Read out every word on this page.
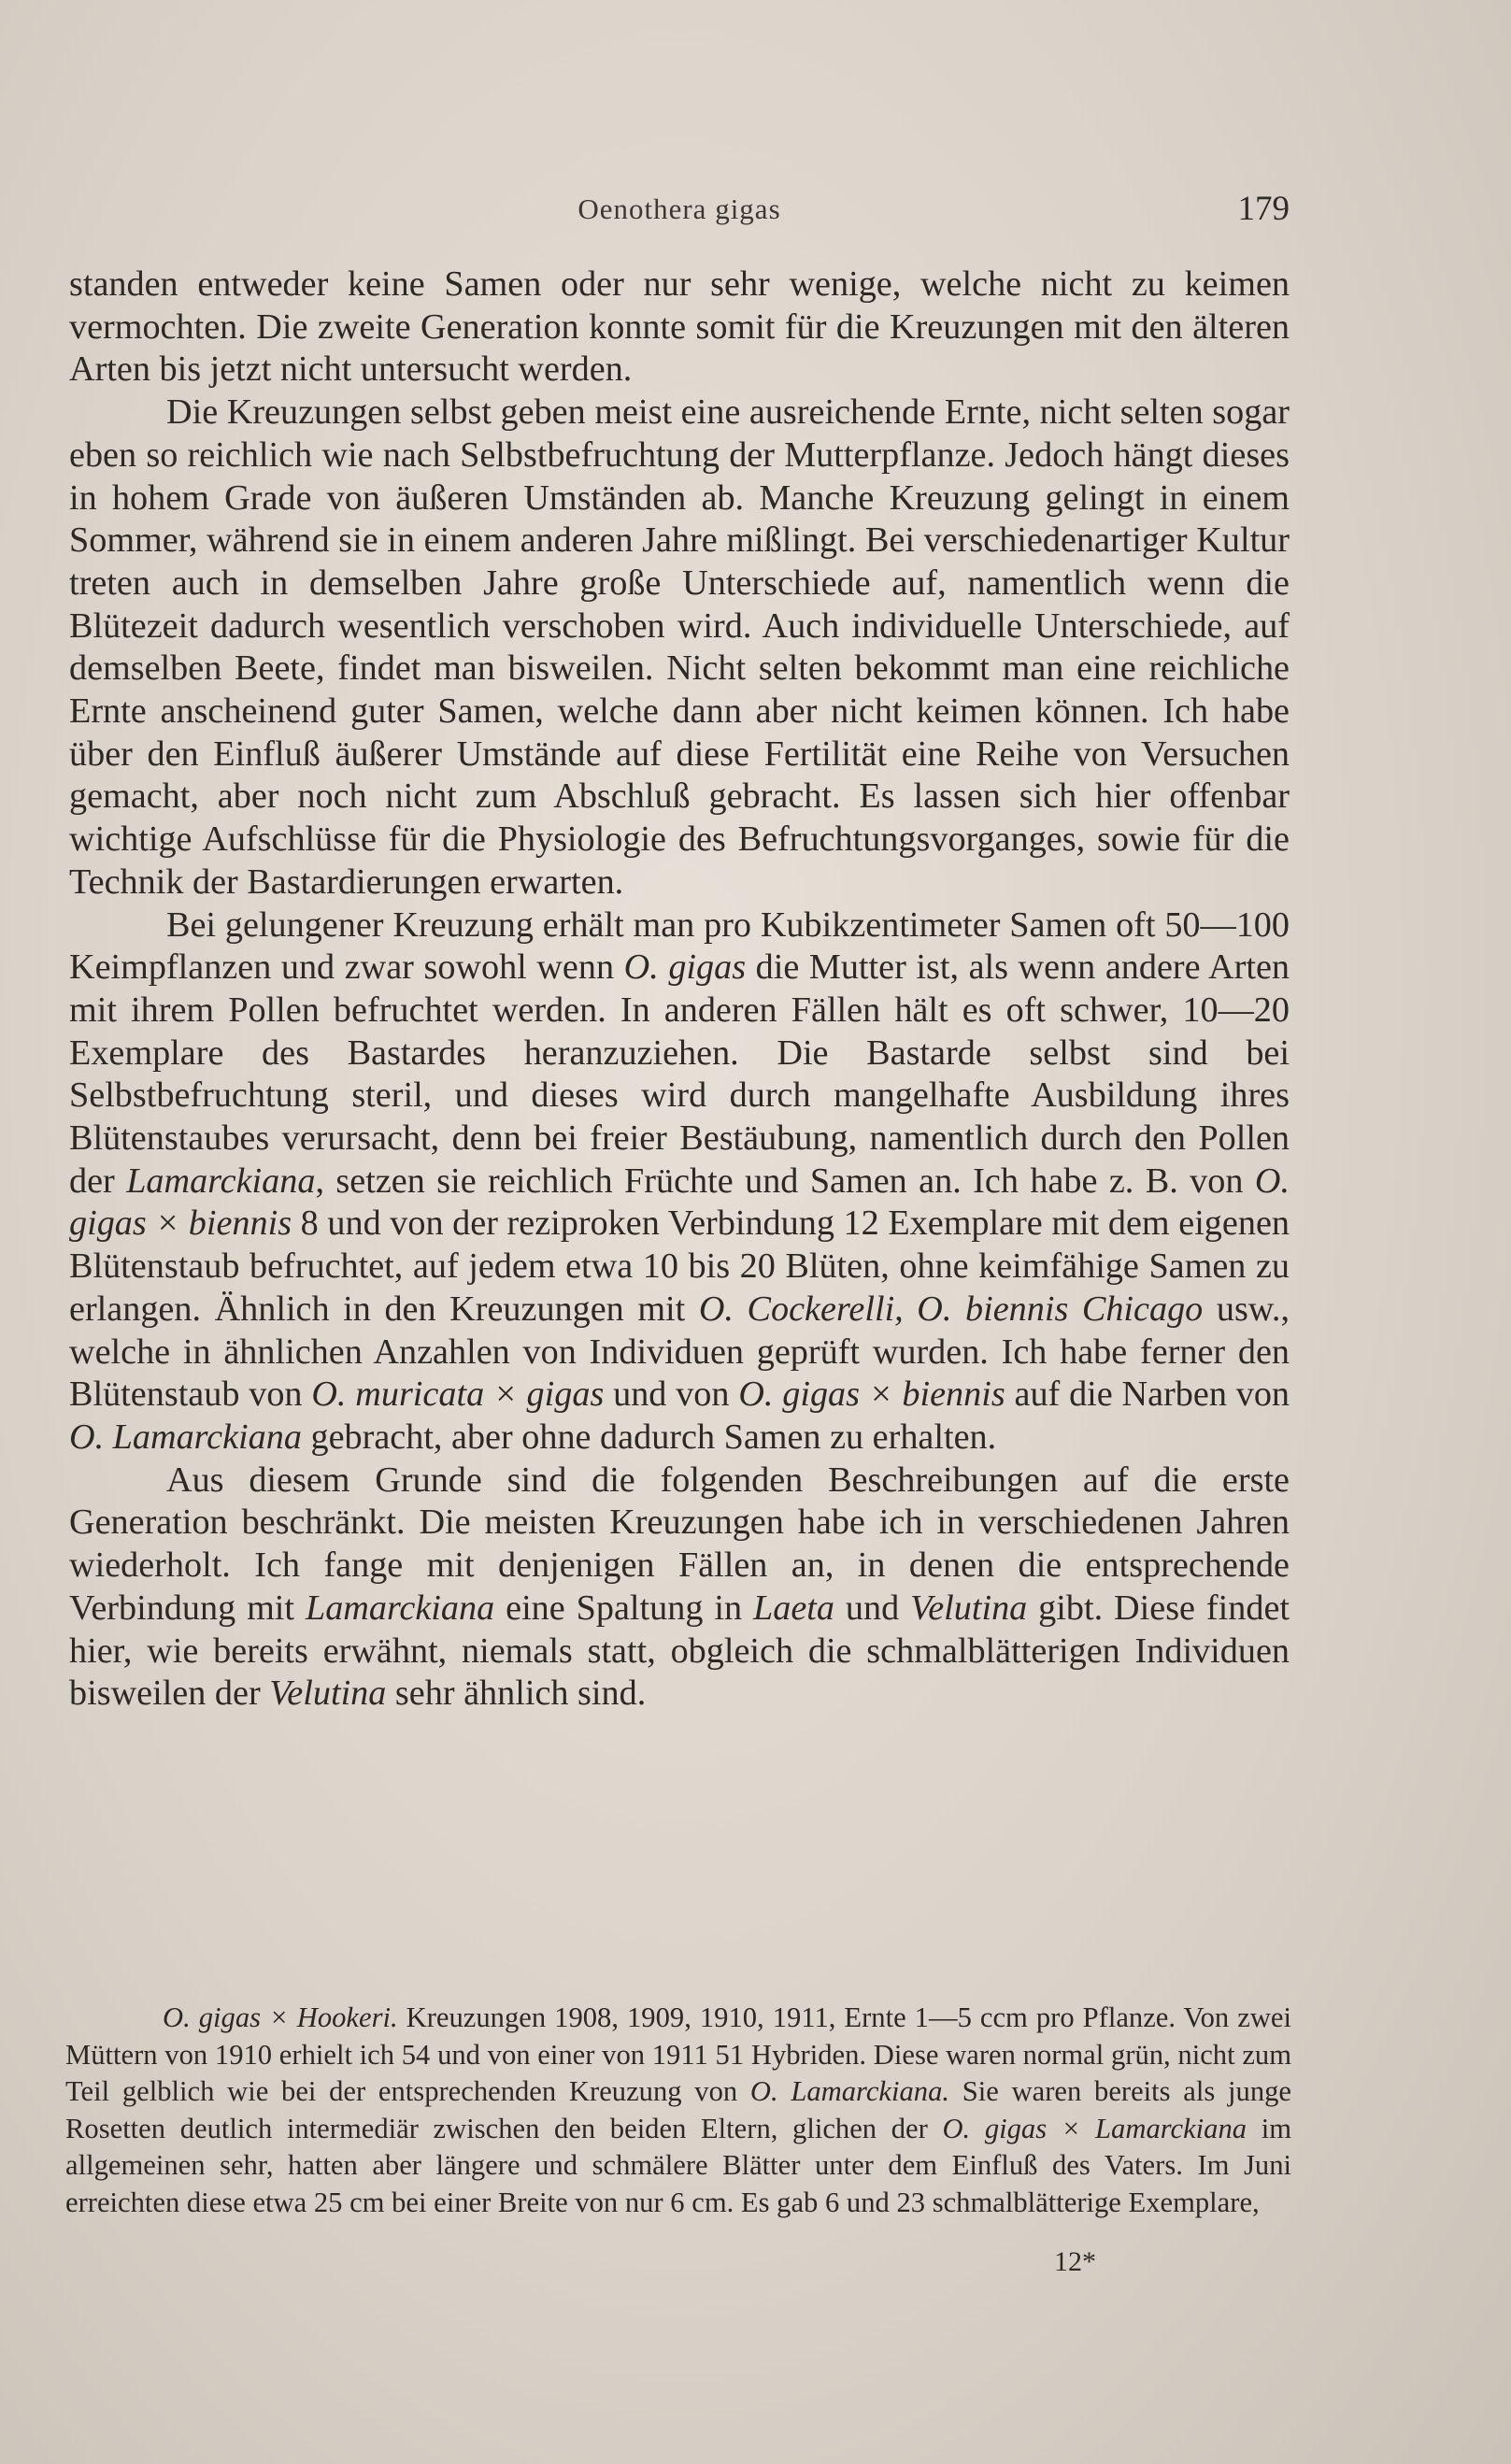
Oenothera gigas	179

standen entweder keine Samen oder nur sehr wenige, welche nicht zu keimen vermochten. Die zweite Generation konnte somit für die Kreuzungen mit den älteren Arten bis jetzt nicht untersucht werden.

Die Kreuzungen selbst geben meist eine ausreichende Ernte, nicht selten sogar eben so reichlich wie nach Selbstbefruchtung der Mutterpflanze. Jedoch hängt dieses in hohem Grade von äußeren Umständen ab. Manche Kreuzung gelingt in einem Sommer, während sie in einem anderen Jahre mißlingt. Bei verschiedenartiger Kultur treten auch in demselben Jahre große Unterschiede auf, namentlich wenn die Blütezeit dadurch wesentlich verschoben wird. Auch individuelle Unterschiede, auf demselben Beete, findet man bisweilen. Nicht selten bekommt man eine reichliche Ernte anscheinend guter Samen, welche dann aber nicht keimen können. Ich habe über den Einfluß äußerer Umstände auf diese Fertilität eine Reihe von Versuchen gemacht, aber noch nicht zum Abschluß gebracht. Es lassen sich hier offenbar wichtige Aufschlüsse für die Physiologie des Befruchtungsvorganges, sowie für die Technik der Bastardierungen erwarten.

Bei gelungener Kreuzung erhält man pro Kubikzentimeter Samen oft 50—100 Keimpflanzen und zwar sowohl wenn O. gigas die Mutter ist, als wenn andere Arten mit ihrem Pollen befruchtet werden. In anderen Fällen hält es oft schwer, 10—20 Exemplare des Bastardes heranzuziehen. Die Bastarde selbst sind bei Selbstbefruchtung steril, und dieses wird durch mangelhafte Ausbildung ihres Blütenstaubes verursacht, denn bei freier Bestäubung, namentlich durch den Pollen der Lamarckiana, setzen sie reichlich Früchte und Samen an. Ich habe z. B. von O. gigas × biennis 8 und von der reziproken Verbindung 12 Exemplare mit dem eigenen Blütenstaub befruchtet, auf jedem etwa 10 bis 20 Blüten, ohne keimfähige Samen zu erlangen. Ähnlich in den Kreuzungen mit O. Cockerelli, O. biennis Chicago usw., welche in ähnlichen Anzahlen von Individuen geprüft wurden. Ich habe ferner den Blütenstaub von O. muricata × gigas und von O. gigas × biennis auf die Narben von O. Lamarckiana gebracht, aber ohne dadurch Samen zu erhalten.

Aus diesem Grunde sind die folgenden Beschreibungen auf die erste Generation beschränkt. Die meisten Kreuzungen habe ich in verschiedenen Jahren wiederholt. Ich fange mit denjenigen Fällen an, in denen die entsprechende Verbindung mit Lamarckiana eine Spaltung in Laeta und Velutina gibt. Diese findet hier, wie bereits erwähnt, niemals statt, obgleich die schmalblätterigen Individuen bisweilen der Velutina sehr ähnlich sind.

O. gigas × Hookeri. Kreuzungen 1908, 1909, 1910, 1911, Ernte 1—5 ccm pro Pflanze. Von zwei Müttern von 1910 erhielt ich 54 und von einer von 1911 51 Hybriden. Diese waren normal grün, nicht zum Teil gelblich wie bei der entsprechenden Kreuzung von O. Lamarckiana. Sie waren bereits als junge Rosetten deutlich intermediär zwischen den beiden Eltern, glichen der O. gigas × Lamarckiana im allgemeinen sehr, hatten aber längere und schmälere Blätter unter dem Einfluß des Vaters. Im Juni erreichten diese etwa 25 cm bei einer Breite von nur 6 cm. Es gab 6 und 23 schmalblätterige Exemplare,

12*
